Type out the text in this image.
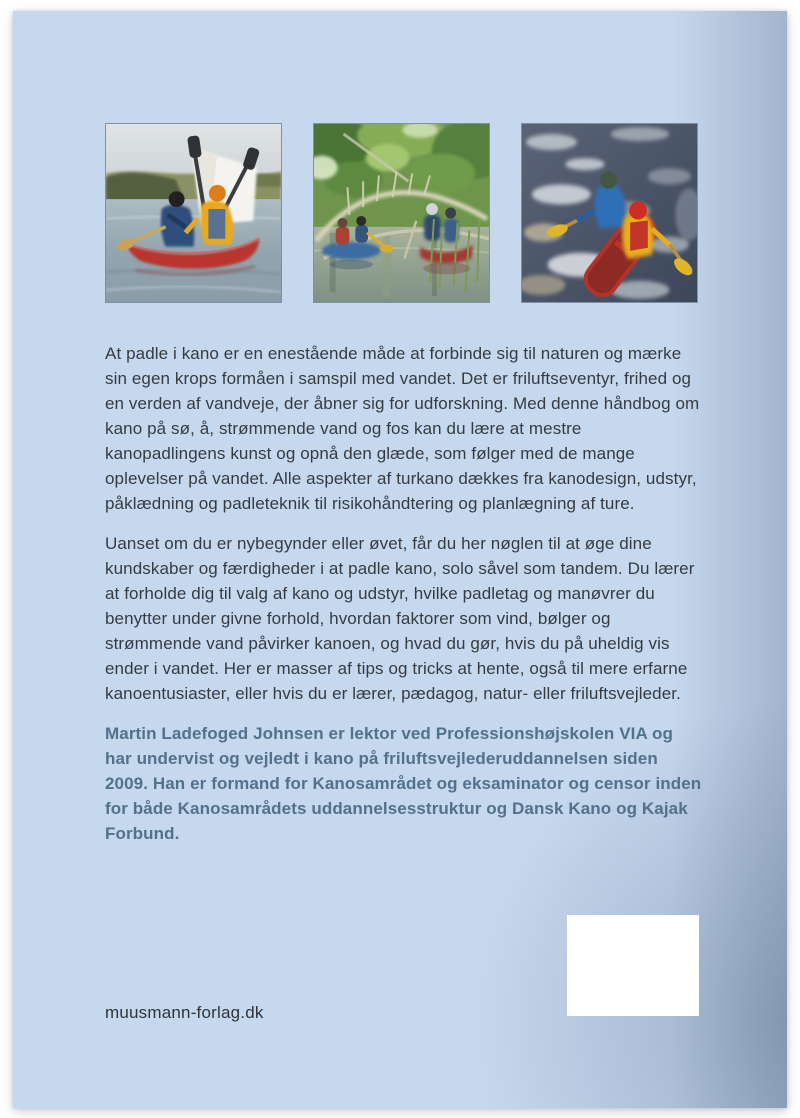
At padle i kano er en enestående måde at forbinde sig til naturen og mærke sin egen krops formåen i samspil med vandet. Det er friluftseventyr, frihed og en verden af vandveje, der åbner sig for udforskning. Med denne håndbog om kano på sø, å, strømmende vand og fos kan du lære at mestre kanopadlingens kunst og opnå den glæde, som følger med de mange oplevelser på vandet. Alle aspekter af turkano dækkes fra kanodesign, udstyr, påklædning og padleteknik til risikohåndtering og planlægning af ture.

Uanset om du er nybegynder eller øvet, får du her nøglen til at øge dine kundskaber og færdigheder i at padle kano, solo såvel som tandem. Du lærer at forholde dig til valg af kano og udstyr, hvilke padletag og manøvrer du benytter under givne forhold, hvordan faktorer som vind, bølger og strømmende vand påvirker kanoen, og hvad du gør, hvis du på uheldig vis ender i vandet. Her er masser af tips og tricks at hente, også til mere erfarne kanoentusiaster, eller hvis du er lærer, pædagog, natur- eller friluftsvejleder.

Martin Ladefoged Johnsen er lektor ved Professionshøjskolen VIA og har undervist og vejledt i kano på friluftsvejlederuddannelsen siden 2009. Han er formand for Kanosamrådet og eksaminator og censor inden for både Kanosamrådets uddannelsesstruktur og Dansk Kano og Kajak Forbund.

muusmann-forlag.dk
